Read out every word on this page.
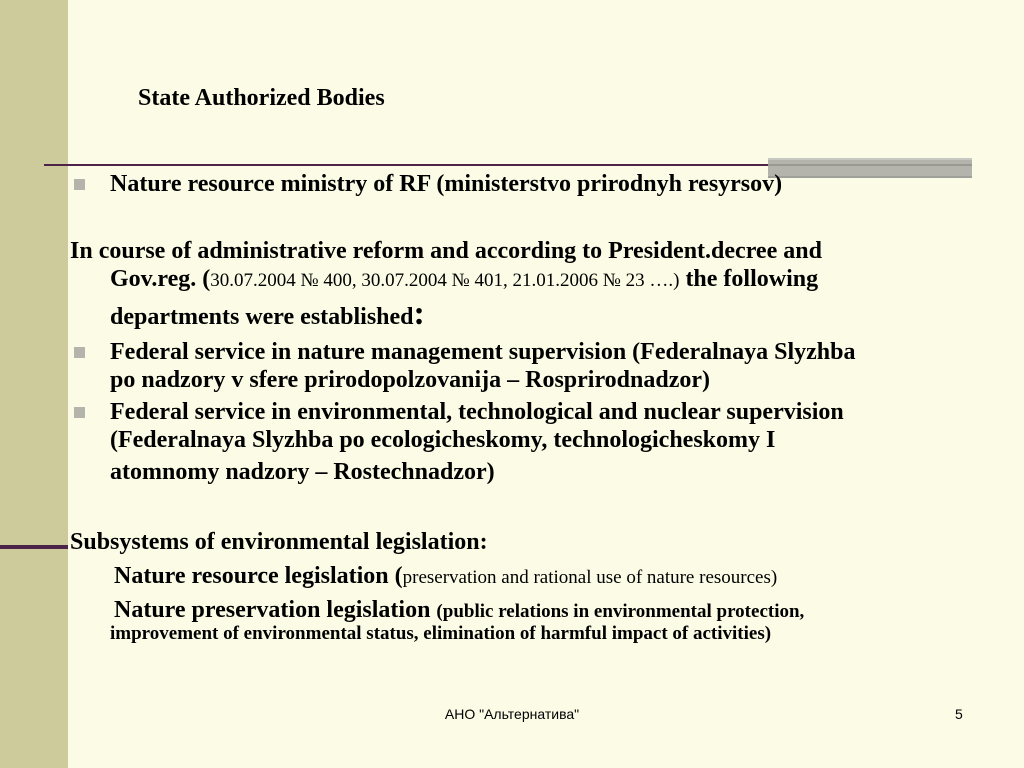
State Authorized Bodies
Nature resource ministry of RF (ministerstvo prirodnyh resyrsov)
In course of administrative reform and according to President.decree and
Gov.reg. (30.07.2004 № 400, 30.07.2004 № 401, 21.01.2006 № 23 ….) the following
departments were established:
Federal service in nature management supervision (Federalnaya Slyzhba
po nadzory v sfere prirodopolzovanija – Rosprirodnadzor)
Federal service in environmental, technological and nuclear supervision
(Federalnaya Slyzhba po ecologicheskomy, technologicheskomy I
atomnomy nadzory – Rostechnadzor)
Subsystems of environmental legislation:
Nature resource legislation (preservation and rational use of nature resources)
Nature preservation legislation (public relations in environmental protection,
improvement of environmental status, elimination of harmful impact of activities)
АНО "Альтернатива"	5
